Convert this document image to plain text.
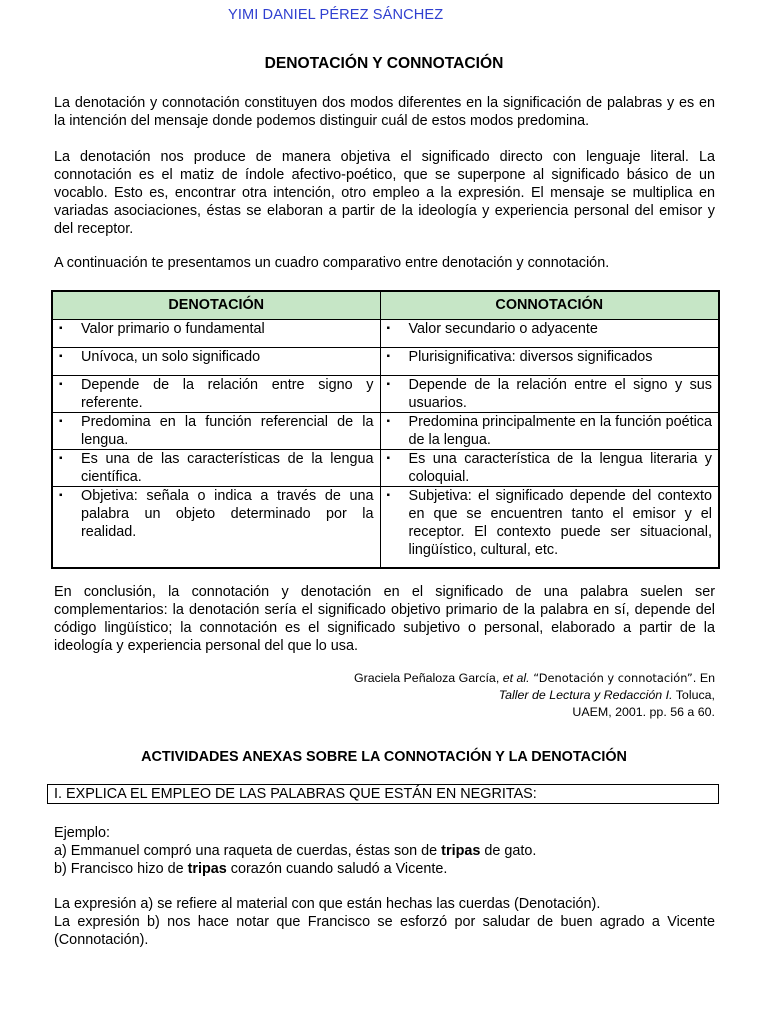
YIMI DANIEL PÉREZ SÁNCHEZ
DENOTACIÓN Y CONNOTACIÓN

La denotación y connotación constituyen dos modos diferentes en la significación de palabras y es en la intención del mensaje donde podemos distinguir cuál de estos modos predomina.

La denotación nos produce de manera objetiva el significado directo con lenguaje literal. La connotación es el matiz de índole afectivo-poético, que se superpone al significado básico de un vocablo. Esto es, encontrar otra intención, otro empleo a la expresión. El mensaje se multiplica en variadas asociaciones, éstas se elaboran a partir de la ideología y experiencia personal del emisor y del receptor.

A continuación te presentamos un cuadro comparativo entre denotación y connotación.

DENOTACIÓN	CONNOTACIÓN

▪ Valor primario o fundamental	▪ Valor secundario o adyacente

▪ Unívoca, un solo significado	▪ Plurisignificativa: diversos significados

▪ Depende de la relación entre signo y referente.	▪ Depende de la relación entre el signo y sus usuarios.

▪ Predomina en la función referencial de la lengua.	▪ Predomina principalmente en la función poética de la lengua.

▪ Es una de las características de la lengua científica.	▪ Es una característica de la lengua literaria y coloquial.

▪ Objetiva: señala o indica a través de una palabra un objeto determinado por la realidad.	▪ Subjetiva: el significado depende del contexto en que se encuentren tanto el emisor y el receptor. El contexto puede ser situacional, lingüístico, cultural, etc.

En conclusión, la connotación y denotación en el significado de una palabra suelen ser complementarios: la denotación sería el significado objetivo primario de la palabra en sí, depende del código lingüístico; la connotación es el significado subjetivo o personal, elaborado a partir de la ideología y experiencia personal del que lo usa.

Graciela Peñaloza García, et al. “Denotación y connotación”. En
Taller de Lectura y Redacción I. Toluca,
UAEM, 2001. pp. 56 a 60.
ACTIVIDADES ANEXAS SOBRE LA CONNOTACIÓN Y LA DENOTACIÓN
I. EXPLICA EL EMPLEO DE LAS PALABRAS QUE ESTÁN EN NEGRITAS:
Ejemplo:
a) Emmanuel compró una raqueta de cuerdas, éstas son de tripas de gato.
b) Francisco hizo de tripas corazón cuando saludó a Vicente.

La expresión a) se refiere al material con que están hechas las cuerdas (Denotación).

La expresión b) nos hace notar que Francisco se esforzó por saludar de buen agrado a Vicente (Connotación).
